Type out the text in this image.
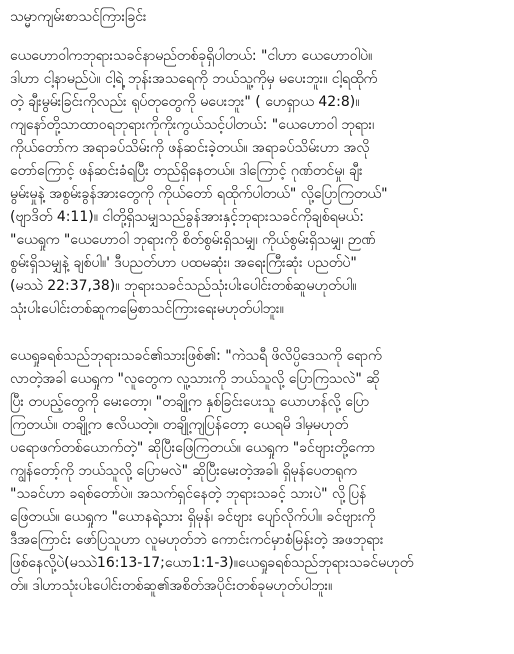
သမ္မာကျမ်းစာသင်ကြားခြင်း
ယေဟောဝါကဘုရားသခင်နာမည်တစ်ခုရှိပါတယ်: "ငါဟာ ယေဟောဝါပဲ။
ဒါဟာ ငါ့နာမည်ပဲ။ ငါ့ရဲ့ ဘုန်းအသရေကို ဘယ်သူ့ကိုမှ မပေးဘူး။ ငါ့ရထိုက်
တဲ့ ချီးမွမ်းခြင်းကိုလည်း ရုပ်တုတွေကို မပေးဘူး" ( ဟေရှာယ 42:8)။
ကျနော်တို့သာထာဝရဘုရားကိုကိုးကွယ်သင့်ပါတယ်: "ယေဟောဝါ ဘုရား၊
ကိုယ်တော်က အရာခပ်သိမ်းကို ဖန်ဆင်းခဲ့တယ်။ အရာခပ်သိမ်းဟာ အလို
တော်ကြောင့် ဖန်ဆင်းခံရပြီး တည်ရှိနေတယ်။ ဒါကြောင့် ဂုဏ်တင်မှု၊ ချီး
မွမ်းမှုနဲ့ အစွမ်းခွန်အားတွေကို ကိုယ်တော် ရထိုက်ပါတယ်" လို့ပြောကြတယ်"
(ဗျာဒိတ် 4:11)။ ငါတို့ရှိသမျှသည်ခွန်အားနှင့်ဘုရားသခင်ကိုချစ်ရမယ်:
"ယေရှုက "ယေဟောဝါ ဘုရားကို စိတ်စွမ်းရှိသမျှ၊ ကိုယ်စွမ်းရှိသမျှ၊ ဉာဏ်
စွမ်းရှိသမျှနဲ့ ချစ်ပါ။' ဒီပညတ်ဟာ ပထမဆုံး၊ အရေးကြီးဆုံး ပညတ်ပဲ"
(မဿဲ 22:37,38)။ ဘုရားသခင်သည်သုံးပါးပေါင်းတစ်ဆူမဟုတ်ပါ။
သုံးပါးပေါင်းတစ်ဆူကမြေစာသင်ကြားရေးမဟုတ်ပါဘူး။
ယေရှုခရစ်သည်ဘုရားသခင်၏သားဖြစ်၏: "ကဲသရီ ဖိလိပ္ပိဒေသကို ရောက်
လာတဲ့အခါ ယေရှုက "လူတွေက လူ့သားကို ဘယ်သူလို့ ပြောကြသလဲ" ဆို
ပြီး တပည့်တွေကို မေးတော့၊ "တချို့က နှစ်ခြင်းပေးသူ ယောဟန်လို့ ပြော
ကြတယ်။ တချို့က ဧလိယတဲ့။ တချို့ကျပြန်တော့ ယေရမိ ဒါမှမဟုတ်
ပရောဖက်တစ်ယောက်တဲ့" ဆိုပြီးဖြေကြတယ်။ ယေရှုက "ခင်ဗျားတို့ကော
ကျွန်တော့်ကို ဘယ်သူလို့ ပြောမလဲ" ဆိုပြီးမေးတဲ့အခါ၊ ရှိမုန်ပေတရုက
"သခင်ဟာ ခရစ်တော်ပဲ။ အသက်ရှင်နေတဲ့ ဘုရားသခင့် သားပဲ" လို့ပြန်
ဖြေတယ်။ ယေရှုက "ယောနရဲ့သား ရှိမုန်၊ ခင်ဗျား ပျော်လိုက်ပါ။ ခင်ဗျားကို
ဒီအကြောင်း ဖော်ပြသူဟာ လူမဟုတ်ဘဲ ကောင်းကင်မှာစံမြန်းတဲ့ အဖဘုရား
ဖြစ်နေလို့ပဲ(မဿဲ16:13-17;ယော1:1-3)။ယေရှုခရစ်သည်ဘုရားသခင်မဟုတ်
တ်။ ဒါဟာသုံးပါးပေါင်းတစ်ဆူ၏အစိတ်အပိုင်းတစ်ခုမဟုတ်ပါဘူး။
